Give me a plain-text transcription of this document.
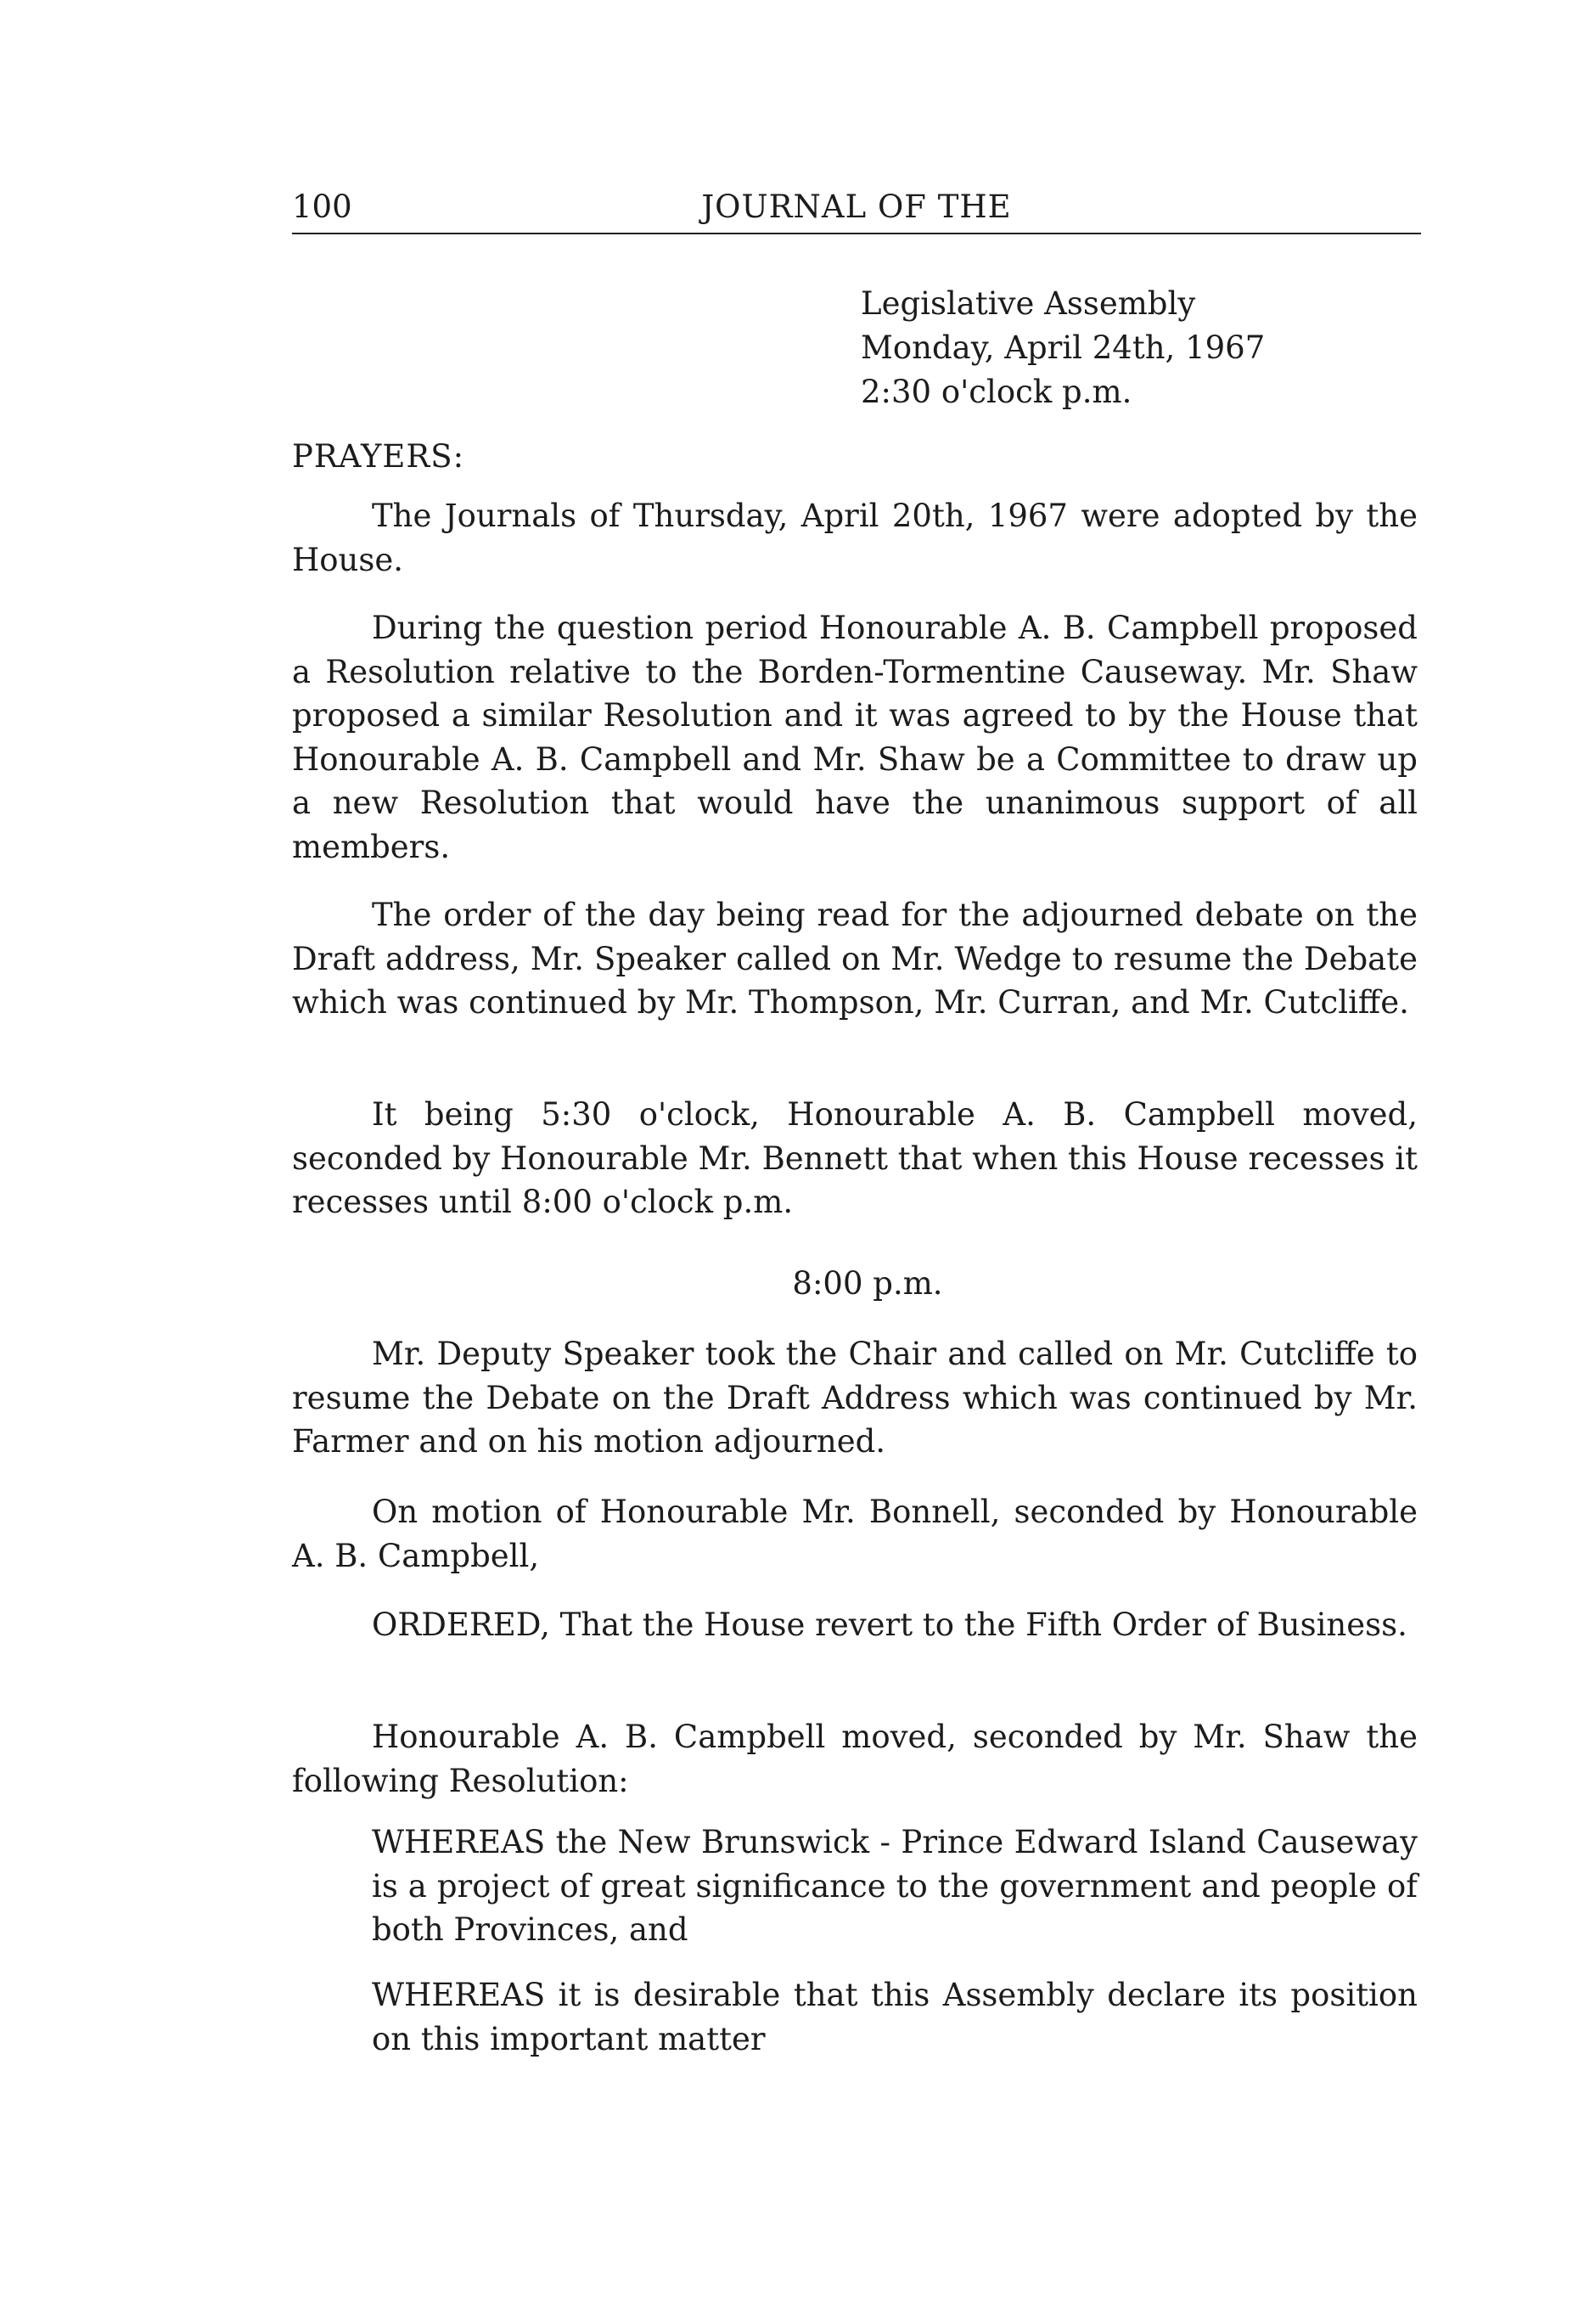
100	JOURNAL OF THE
Legislative Assembly
Monday, April 24th, 1967
2:30 o'clock p.m.
PRAYERS:

The Journals of Thursday, April 20th, 1967 were adopted by the House.

During the question period Honourable A. B. Campbell proposed a Resolution relative to the Borden-Tormentine Causeway. Mr. Shaw proposed a similar Resolution and it was agreed to by the House that Honourable A. B. Campbell and Mr. Shaw be a Committee to draw up a new Resolution that would have the unanimous support of all members.

The order of the day being read for the adjourned debate on the Draft address, Mr. Speaker called on Mr. Wedge to resume the Debate which was continued by Mr. Thompson, Mr. Curran, and Mr. Cutcliffe.

It being 5:30 o'clock, Honourable A. B. Campbell moved, seconded by Honourable Mr. Bennett that when this House recesses it recesses until 8:00 o'clock p.m.

8:00 p.m.

Mr. Deputy Speaker took the Chair and called on Mr. Cutcliffe to resume the Debate on the Draft Address which was continued by Mr. Farmer and on his motion adjourned.

On motion of Honourable Mr. Bonnell, seconded by Honourable A. B. Campbell,

ORDERED, That the House revert to the Fifth Order of Business.

Honourable A. B. Campbell moved, seconded by Mr. Shaw the following Resolution:

WHEREAS the New Brunswick - Prince Edward Island Causeway is a project of great significance to the government and people of both Provinces, and

WHEREAS it is desirable that this Assembly declare its position on this important matter
